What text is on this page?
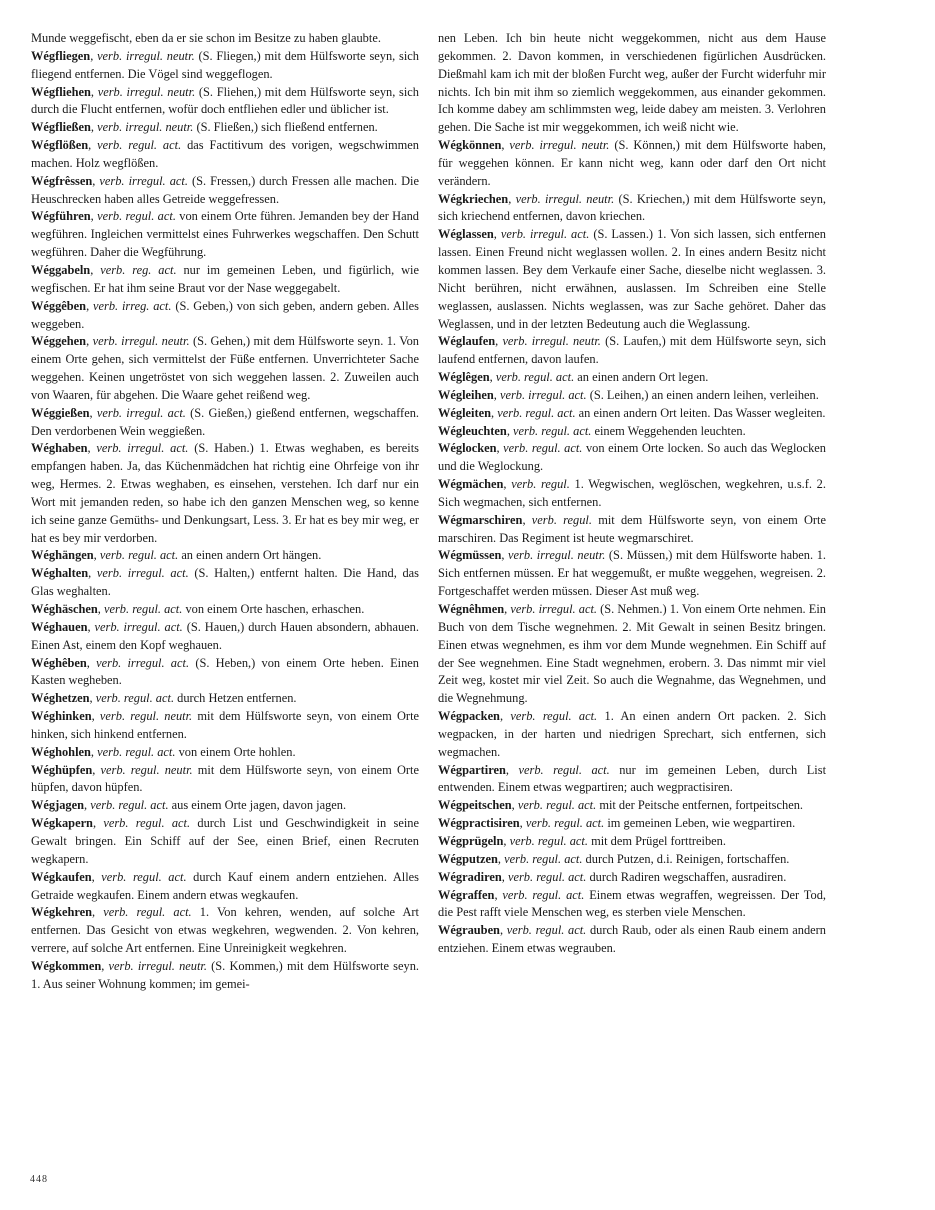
Munde weggefischt, eben da er sie schon im Besitze zu haben glaubte.

Wégfliegen, verb. irregul. neutr. (S. Fliegen,) mit dem Hülfsworte seyn, sich fliegend entfernen. Die Vögel sind weggeflogen.

Wégfliehen, verb. irregul. neutr. (S. Fliehen,) mit dem Hülfsworte seyn, sich durch die Flucht entfernen, wofür doch entfliehen edler und üblicher ist.

Wégfließen, verb. irregul. neutr. (S. Fließen,) sich fließend entfernen.

Wégflößen, verb. regul. act. das Factitivum des vorigen, wegschwimmen machen. Holz wegflößen.

Wégfrêssen, verb. irregul. act. (S. Fressen,) durch Fressen alle machen. Die Heuschrecken haben alles Getreide weggefressen.

Wégführen, verb. regul. act. von einem Orte führen. Jemanden bey der Hand wegführen. Ingleichen vermittelst eines Fuhrwerkes wegschaffen. Den Schutt wegführen. Daher die Wegführung.

Wéggabeln, verb. reg. act. nur im gemeinen Leben, und figürlich, wie wegfischen. Er hat ihm seine Braut vor der Nase weggegabelt.

Wéggêben, verb. irreg. act. (S. Geben,) von sich geben, andern geben. Alles weggeben.

Wéggehen, verb. irregul. neutr. (S. Gehen,) mit dem Hülfsworte seyn. 1. Von einem Orte gehen, sich vermittelst der Füße entfernen. Unverrichteter Sache weggehen. Keinen ungetröstet von sich weggehen lassen. 2. Zuweilen auch von Waaren, für abgehen. Die Waare gehet reißend weg.

Wéggießen, verb. irregul. act. (S. Gießen,) gießend entfernen, wegschaffen. Den verdorbenen Wein weggießen.

Wéghaben, verb. irregul. act. (S. Haben.) 1. Etwas weghaben, es bereits empfangen haben. Ja, das Küchenmädchen hat richtig eine Ohrfeige von ihr weg, Hermes. 2. Etwas weghaben, es einsehen, verstehen. Ich darf nur ein Wort mit jemanden reden, so habe ich den ganzen Menschen weg, so kenne ich seine ganze Gemüths- und Denkungsart, Less. 3. Er hat es bey mir weg, er hat es bey mir verdorben.

Wéghängen, verb. regul. act. an einen andern Ort hängen.

Wéghalten, verb. irregul. act. (S. Halten,) entfernt halten. Die Hand, das Glas weghalten.

Wéghäschen, verb. regul. act. von einem Orte haschen, erhaschen.

Wéghauen, verb. irregul. act. (S. Hauen,) durch Hauen absondern, abhauen. Einen Ast, einem den Kopf weghauen.

Wéghêben, verb. irregul. act. (S. Heben,) von einem Orte heben. Einen Kasten wegheben.

Wéghetzen, verb. regul. act. durch Hetzen entfernen.

Wéghinken, verb. regul. neutr. mit dem Hülfsworte seyn, von einem Orte hinken, sich hinkend entfernen.

Wéghohlen, verb. regul. act. von einem Orte hohlen.

Wéghüpfen, verb. regul. neutr. mit dem Hülfsworte seyn, von einem Orte hüpfen, davon hüpfen.

Wégjagen, verb. regul. act. aus einem Orte jagen, davon jagen.

Wégkapern, verb. regul. act. durch List und Geschwindigkeit in seine Gewalt bringen. Ein Schiff auf der See, einen Brief, einen Recruten wegkapern.

Wégkaufen, verb. regul. act. durch Kauf einem andern entziehen. Alles Getraide wegkaufen. Einem andern etwas wegkaufen.

Wégkehren, verb. regul. act. 1. Von kehren, wenden, auf solche Art entfernen. Das Gesicht von etwas wegkehren, wegwenden. 2. Von kehren, verrere, auf solche Art entfernen. Eine Unreinigkeit wegkehren.

Wégkommen, verb. irregul. neutr. (S. Kommen,) mit dem Hülfsworte seyn. 1. Aus seiner Wohnung kommen; im gemei-

nen Leben. Ich bin heute nicht weggekommen, nicht aus dem Hause gekommen. 2. Davon kommen, in verschiedenen figürlichen Ausdrücken. Dießmahl kam ich mit der bloßen Furcht weg, außer der Furcht widerfuhr mir nichts. Ich bin mit ihm so ziemlich weggekommen, aus einander gekommen. Ich komme dabey am schlimmsten weg, leide dabey am meisten. 3. Verlohren gehen. Die Sache ist mir weggekommen, ich weiß nicht wie.

Wégkönnen, verb. irregul. neutr. (S. Können,) mit dem Hülfsworte haben, für weggehen können. Er kann nicht weg, kann oder darf den Ort nicht verändern.

Wégkriechen, verb. irregul. neutr. (S. Kriechen,) mit dem Hülfsworte seyn, sich kriechend entfernen, davon kriechen.

Wéglassen, verb. irregul. act. (S. Lassen.) 1. Von sich lassen, sich entfernen lassen. Einen Freund nicht weglassen wollen. 2. In eines andern Besitz nicht kommen lassen. Bey dem Verkaufe einer Sache, dieselbe nicht weglassen. 3. Nicht berühren, nicht erwähnen, auslassen. Im Schreiben eine Stelle weglassen, auslassen. Nichts weglassen, was zur Sache gehöret. Daher das Weglassen, und in der letzten Bedeutung auch die Weglassung.

Wéglaufen, verb. irregul. neutr. (S. Laufen,) mit dem Hülfsworte seyn, sich laufend entfernen, davon laufen.

Wéglêgen, verb. regul. act. an einen andern Ort legen.

Wégleihen, verb. irregul. act. (S. Leihen,) an einen andern leihen, verleihen.

Wégleiten, verb. regul. act. an einen andern Ort leiten. Das Wasser wegleiten.

Wégleuchten, verb. regul. act. einem Weggehenden leuchten.

Wéglocken, verb. regul. act. von einem Orte locken. So auch das Weglocken und die Weglockung.

Wégmächen, verb. regul. 1. Wegwischen, weglöschen, wegkehren, u.s.f. 2. Sich wegmachen, sich entfernen.

Wégmarschiren, verb. regul. mit dem Hülfsworte seyn, von einem Orte marschiren. Das Regiment ist heute wegmarschiret.

Wégmüssen, verb. irregul. neutr. (S. Müssen,) mit dem Hülfsworte haben. 1. Sich entfernen müssen. Er hat weggemußt, er mußte weggehen, wegreisen. 2. Fortgeschaffet werden müssen. Dieser Ast muß weg.

Wégnêhmen, verb. irregul. act. (S. Nehmen.) 1. Von einem Orte nehmen. Ein Buch von dem Tische wegnehmen. 2. Mit Gewalt in seinen Besitz bringen. Einen etwas wegnehmen, es ihm vor dem Munde wegnehmen. Ein Schiff auf der See wegnehmen. Eine Stadt wegnehmen, erobern. 3. Das nimmt mir viel Zeit weg, kostet mir viel Zeit. So auch die Wegnahme, das Wegnehmen, und die Wegnehmung.

Wégpacken, verb. regul. act. 1. An einen andern Ort packen. 2. Sich wegpacken, in der harten und niedrigen Sprechart, sich entfernen, sich wegmachen.

Wégpartiren, verb. regul. act. nur im gemeinen Leben, durch List entwenden. Einem etwas wegpartiren; auch wegpractisiren.

Wégpeitschen, verb. regul. act. mit der Peitsche entfernen, fortpeitschen.

Wégpractisiren, verb. regul. act. im gemeinen Leben, wie wegpartiren.

Wégprügeln, verb. regul. act. mit dem Prügel forttreiben.

Wégputzen, verb. regul. act. durch Putzen, d.i. Reinigen, fortschaffen.

Wégradiren, verb. regul. act. durch Radiren wegschaffen, ausradiren.

Wégraffen, verb. regul. act. Einem etwas wegraffen, wegreissen. Der Tod, die Pest rafft viele Menschen weg, es sterben viele Menschen.

Wégrauben, verb. regul. act. durch Raub, oder als einen Raub einem andern entziehen. Einem etwas wegrauben.

448
